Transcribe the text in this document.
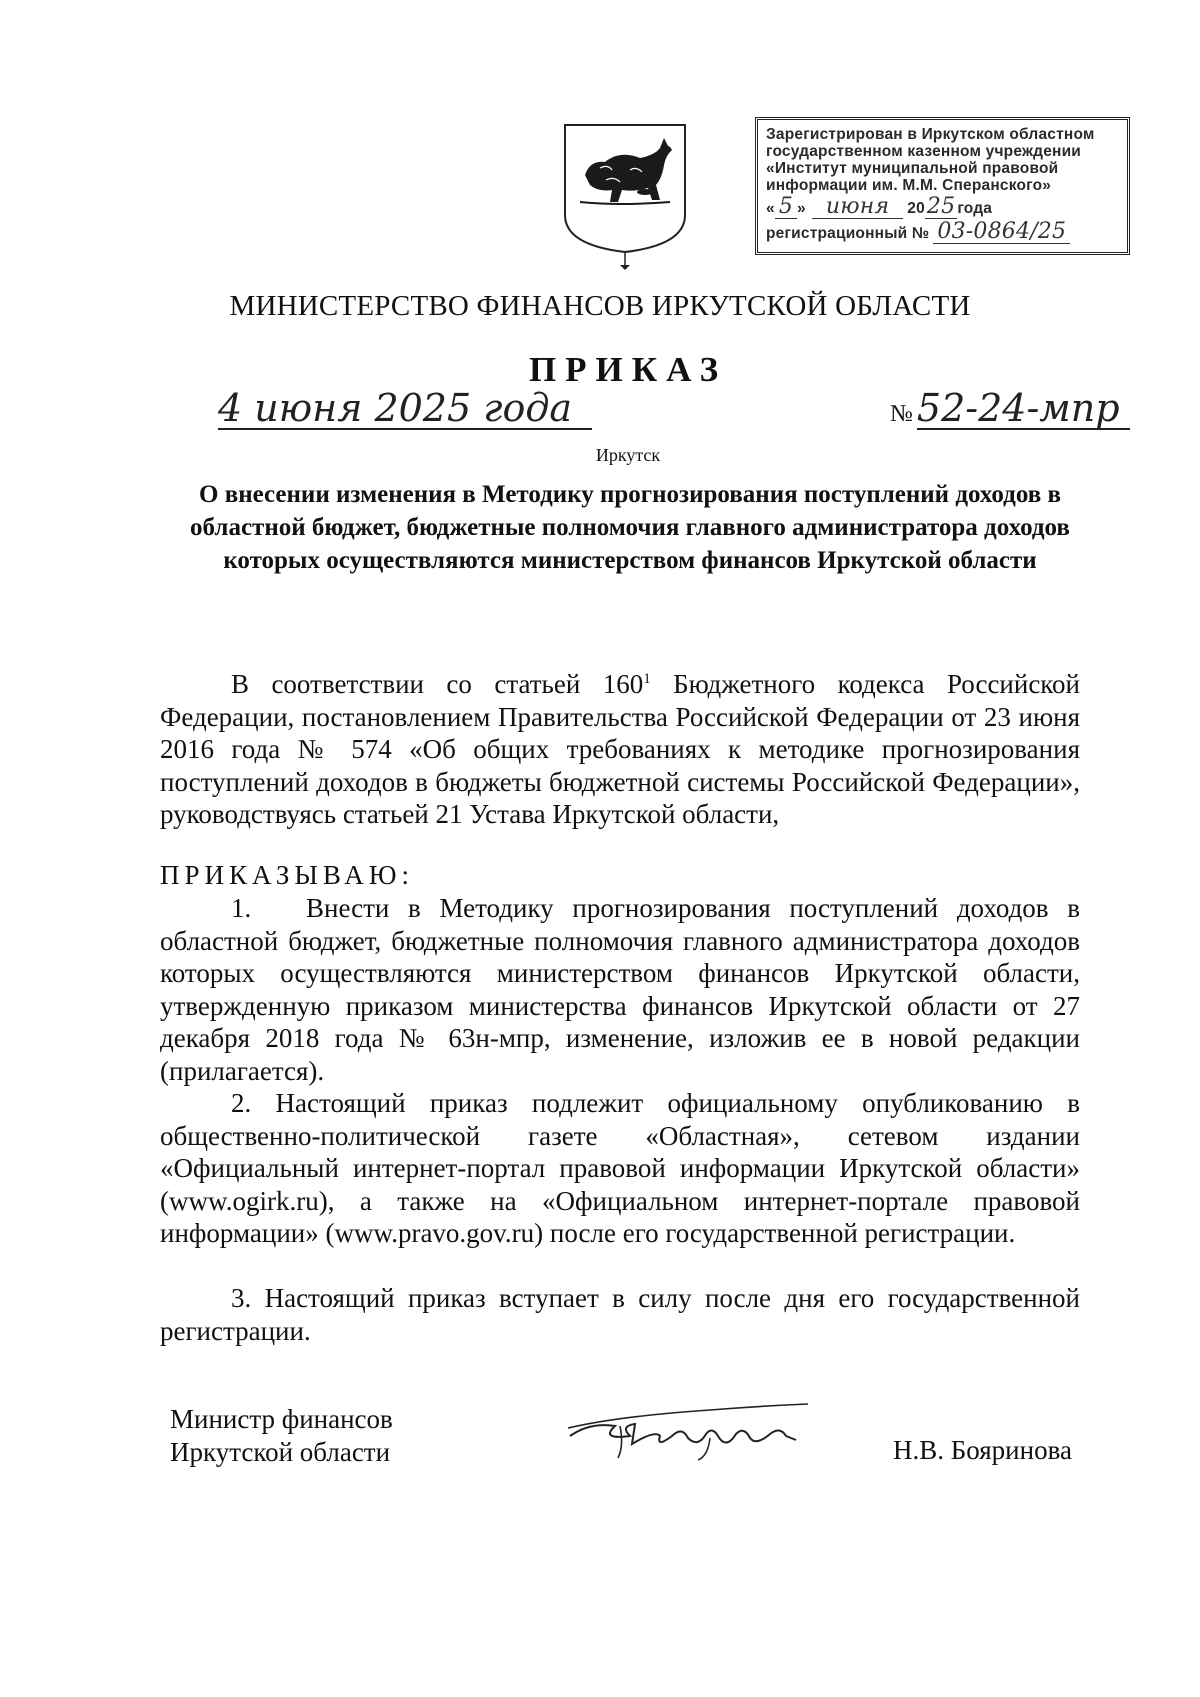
Зарегистрирован в Иркутском областном
государственном казенном учреждении
«Институт муниципальной правовой
информации им. М.М. Сперанского»
« 5 » июня	20 25 года
регистрационный № 03-0864/25
МИНИСТЕРСТВО ФИНАНСОВ ИРКУТСКОЙ ОБЛАСТИ
ПРИКАЗ
4 июня 2025 года	№ 52-24-мпр
Иркутск
О внесении изменения в Методику прогнозирования поступлений доходов в областной бюджет, бюджетные полномочия главного администратора доходов которых осуществляются министерством финансов Иркутской области
В соответствии со статьей $160^1$ Бюджетного кодекса Российской Федерации, постановлением Правительства Российской Федерации от 23 июня 2016 года № 574 «Об общих требованиях к методике прогнозирования поступлений доходов в бюджеты бюджетной системы Российской Федерации», руководствуясь статьей 21 Устава Иркутской области,
ПРИКАЗЫВАЮ:
1. Внести в Методику прогнозирования поступлений доходов в областной бюджет, бюджетные полномочия главного администратора доходов которых осуществляются министерством финансов Иркутской области, утвержденную приказом министерства финансов Иркутской области от 27 декабря 2018 года № 63н-мпр, изменение, изложив ее в новой редакции (прилагается).
2. Настоящий приказ подлежит официальному опубликованию в общественно-политической газете «Областная», сетевом издании «Официальный интернет-портал правовой информации Иркутской области» (www.ogirk.ru), а также на «Официальном интернет-портале правовой информации» (www.pravo.gov.ru) после его государственной регистрации.
3. Настоящий приказ вступает в силу после дня его государственной регистрации.
Министр финансов
Иркутской области	Н.В. Бояринова
